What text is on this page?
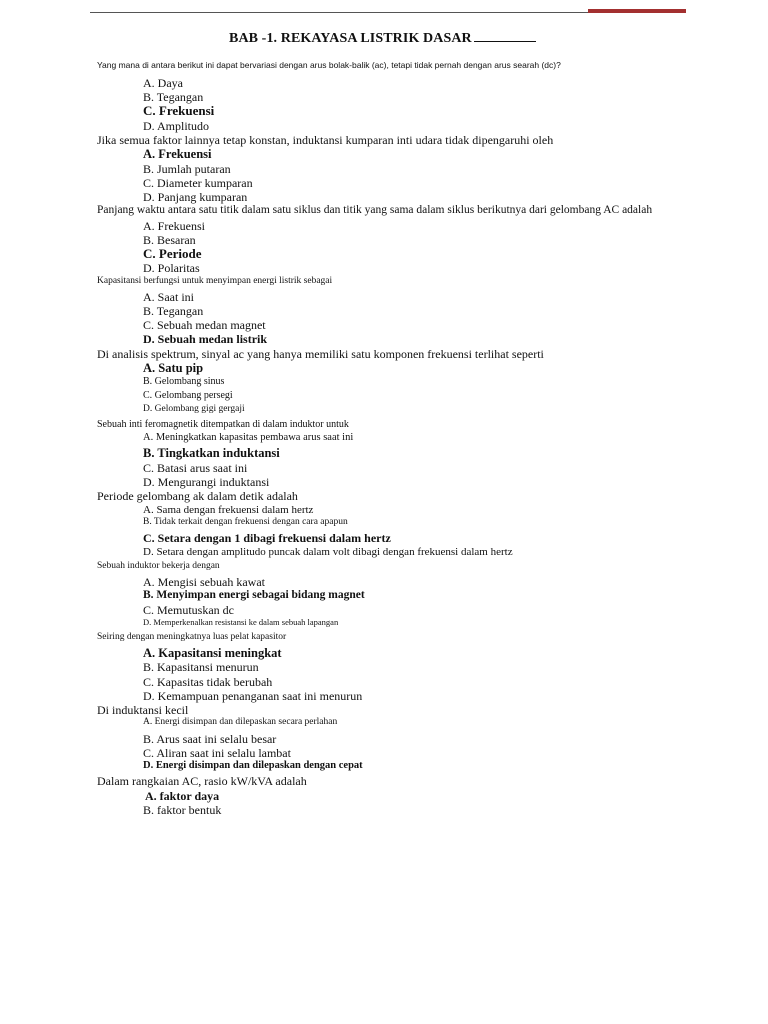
BAB -1. REKAYASA LISTRIK DASAR
Yang mana di antara berikut ini dapat bervariasi dengan arus bolak-balik (ac), tetapi tidak pernah dengan arus searah (dc)?
A. Daya
B. Tegangan
C. Frekuensi
D. Amplitudo
Jika semua faktor lainnya tetap konstan, induktansi kumparan inti udara tidak dipengaruhi oleh
A. Frekuensi
B. Jumlah putaran
C. Diameter kumparan
D. Panjang kumparan
Panjang waktu antara satu titik dalam satu siklus dan titik yang sama dalam siklus berikutnya dari gelombang AC adalah
A. Frekuensi
B. Besaran
C. Periode
D. Polaritas
Kapasitansi berfungsi untuk menyimpan energi listrik sebagai
A. Saat ini
B. Tegangan
C. Sebuah medan magnet
D. Sebuah medan listrik
Di analisis spektrum, sinyal ac yang hanya memiliki satu komponen frekuensi terlihat seperti
A. Satu pip
B. Gelombang sinus
C. Gelombang persegi
D. Gelombang gigi gergaji
Sebuah inti feromagnetik ditempatkan di dalam induktor untuk
A. Meningkatkan kapasitas pembawa arus saat ini
B. Tingkatkan induktansi
C. Batasi arus saat ini
D. Mengurangi induktansi
Periode gelombang ak dalam detik adalah
A. Sama dengan frekuensi dalam hertz
B. Tidak terkait dengan frekuensi dengan cara apapun
C. Setara dengan 1 dibagi frekuensi dalam hertz
D. Setara dengan amplitudo puncak dalam volt dibagi dengan frekuensi dalam hertz
Sebuah induktor bekerja dengan
A. Mengisi sebuah kawat
B. Menyimpan energi sebagai bidang magnet
C. Memutuskan dc
D. Memperkenalkan resistansi ke dalam sebuah lapangan
Seiring dengan meningkatnya luas pelat kapasitor
A. Kapasitansi meningkat
B. Kapasitansi menurun
C. Kapasitas tidak berubah
D. Kemampuan penanganan saat ini menurun
Di induktansi kecil
A. Energi disimpan dan dilepaskan secara perlahan
B. Arus saat ini selalu besar
C. Aliran saat ini selalu lambat
D. Energi disimpan dan dilepaskan dengan cepat
Dalam rangkaian AC, rasio kW/kVA adalah
A. faktor daya
B. faktor bentuk
